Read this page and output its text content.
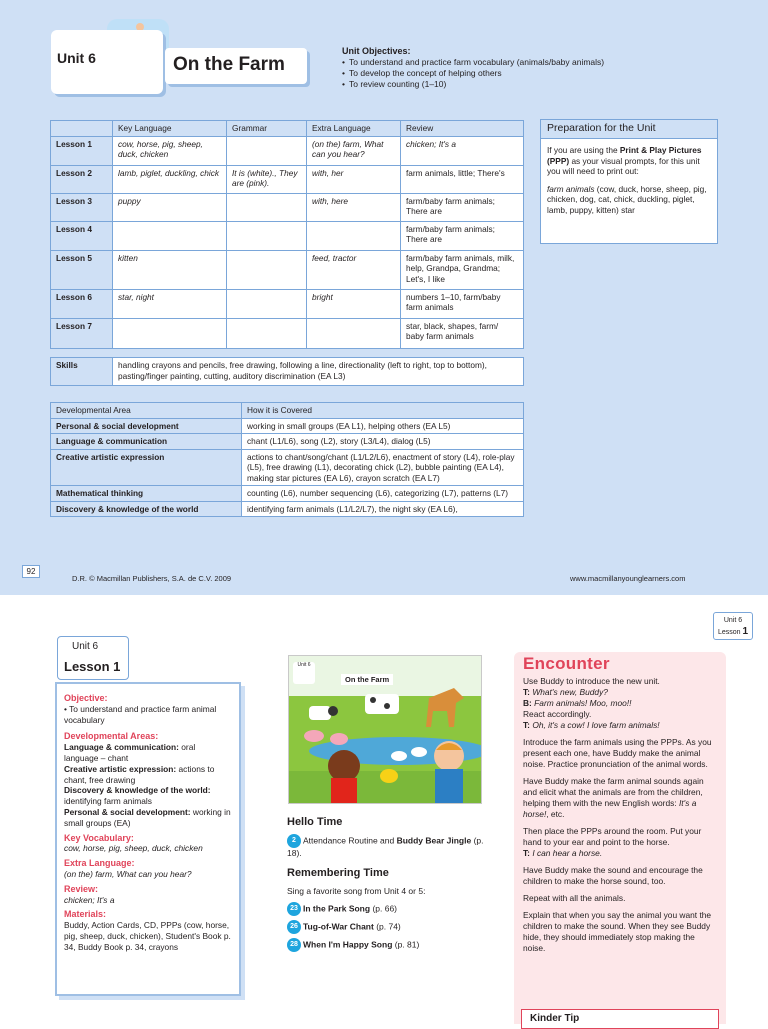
Unit 6	On the Farm
Unit Objectives:
• To understand and practice farm vocabulary (animals/baby animals)
• To develop the concept of helping others
• To review counting (1–10)
	Key Language	Grammar	Extra Language	Review
Lesson 1	cow, horse, pig, sheep, duck, chicken		(on the) farm, What can you hear?	chicken; It's a
Lesson 2	lamb, piglet, duckling, chick	It is (white)., They are (pink).	with, her	farm animals, little; There's
Lesson 3	puppy		with, here	farm/baby farm animals; There are
Lesson 4				farm/baby farm animals; There are
Lesson 5	kitten		feed, tractor	farm/baby farm animals, milk, help, Grandpa, Grandma; Let's, I like
Lesson 6	star, night		bright	numbers 1–10, farm/baby farm animals
Lesson 7				star, black, shapes, farm/ baby farm animals
Skills	handling crayons and pencils, free drawing, following a line, directionality (left to right, top to bottom), pasting/finger painting, cutting, auditory discrimination (EA L3)
Developmental Area	How it is Covered
Personal & social development	working in small groups (EA L1), helping others (EA L5)
Language & communication	chant (L1/L6), song (L2), story (L3/L4), dialog (L5)
Creative artistic expression	actions to chant/song/chant (L1/L2/L6), enactment of story (L4), role-play (L5), free drawing (L1), decorating chick (L2), bubble painting (EA L4), making star pictures (EA L6), crayon scratch (EA L7)
Mathematical thinking	counting (L6), number sequencing (L6), categorizing (L7), patterns (L7)
Discovery & knowledge of the world	identifying farm animals (L1/L2/L7), the night sky (EA L6),
Preparation for the Unit

If you are using the Print & Play Pictures (PPP) as your visual prompts, for this unit you will need to print out:

farm animals (cow, duck, horse, sheep, pig, chicken, dog, cat, chick, duckling, piglet, lamb, puppy, kitten) star

92
D.R. © Macmillan Publishers, S.A. de C.V. 2009	www.macmillanyounglearners.com
Unit 6
Lesson 1
Unit 6
Lesson 1
Objective:
• To understand and practice farm animal vocabulary
Developmental Areas:
Language & communication: oral language – chant
Creative artistic expression: actions to chant, free drawing
Discovery & knowledge of the world: identifying farm animals
Personal & social development: working in small groups (EA)
Key Vocabulary:
cow, horse, pig, sheep, duck, chicken
Extra Language:
(on the) farm, What can you hear?
Review:
chicken; It's a
Materials:
Buddy, Action Cards, CD, PPPs (cow, horse, pig, sheep, duck, chicken), Student's Book p. 34, Buddy Book p. 34, crayons
Unit 6
On the Farm
Hello Time
2 Attendance Routine and Buddy Bear Jingle (p. 18).
Remembering Time
Sing a favorite song from Unit 4 or 5:
23 In the Park Song (p. 66)
26 Tug-of-War Chant (p. 74)
28 When I'm Happy Song (p. 81)
Encounter
Use Buddy to introduce the new unit.
T: What's new, Buddy?
B: Farm animals! Moo, moo!!
React accordingly.

T: Oh, it's a cow! I love farm animals!

Introduce the farm animals using the PPPs. As you present each one, have Buddy make the animal noise. Practice pronunciation of the animal words.

Have Buddy make the farm animal sounds again and elicit what the animals are from the children, helping them with the new English words: It's a horse!, etc.

Then place the PPPs around the room. Put your hand to your ear and point to the horse.

T: I can hear a horse.

Have Buddy make the sound and encourage the children to make the horse sound, too.

Repeat with all the animals.

Explain that when you say the animal you want the children to make the sound. When they see Buddy hide, they should immediately stop making the noise.

Kinder Tip
